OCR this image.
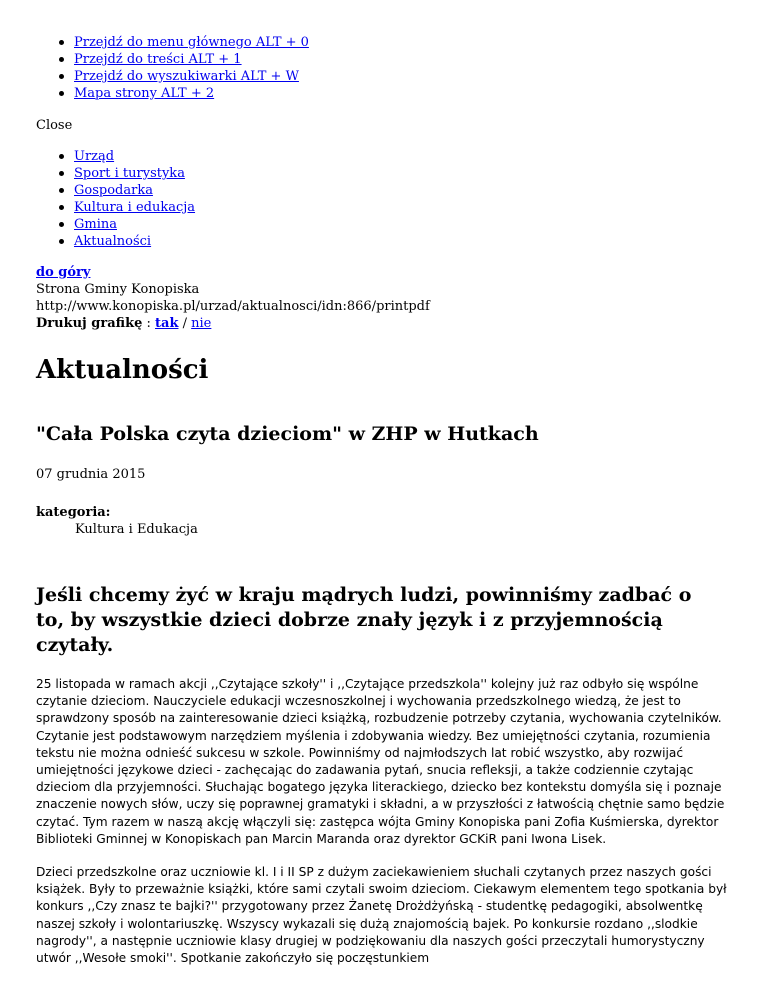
Przejdź do menu głównego ALT + 0
Przejdź do treści ALT + 1
Przejdź do wyszukiwarki ALT + W
Mapa strony ALT + 2
Close
Urząd
Sport i turystyka
Gospodarka
Kultura i edukacja
Gmina
Aktualności
do góry
Strona Gminy Konopiska
http://www.konopiska.pl/urzad/aktualnosci/idn:866/printpdf
Drukuj grafikę : tak / nie
Aktualności
"Cała Polska czyta dzieciom" w ZHP w Hutkach
07 grudnia 2015
kategoria:
Kultura i Edukacja
Jeśli chcemy żyć w kraju mądrych ludzi, powinniśmy zadbać o to, by wszystkie dzieci dobrze znały język i z przyjemnością czytały.

25 listopada w ramach akcji ,,Czytające szkoły'' i ,,Czytające przedszkola'' kolejny już raz odbyło się wspólne czytanie dzieciom. Nauczyciele edukacji wczesnoszkolnej i wychowania przedszkolnego wiedzą, że jest to sprawdzony sposób na zainteresowanie dzieci książką, rozbudzenie potrzeby czytania, wychowania czytelników. Czytanie jest podstawowym narzędziem myślenia i zdobywania wiedzy. Bez umiejętności czytania, rozumienia tekstu nie można odnieść sukcesu w szkole. Powinniśmy od najmłodszych lat robić wszystko, aby rozwijać umiejętności językowe dzieci - zachęcając do zadawania pytań, snucia refleksji, a także codziennie czytając dzieciom dla przyjemności. Słuchając bogatego języka literackiego, dziecko bez kontekstu domyśla się i poznaje znaczenie nowych słów, uczy się poprawnej gramatyki i składni, a w przyszłości z łatwością chętnie samo będzie czytać. Tym razem w naszą akcję włączyli się: zastępca wójta Gminy Konopiska pani Zofia Kuśmierska, dyrektor Biblioteki Gminnej w Konopiskach pan Marcin Maranda oraz dyrektor GCKiR pani Iwona Lisek.

Dzieci przedszkolne oraz uczniowie kl. I i II SP z dużym zaciekawieniem słuchali czytanych przez naszych gości książek. Były to przeważnie książki, które sami czytali swoim dzieciom. Ciekawym elementem tego spotkania był konkurs ,,Czy znasz te bajki?'' przygotowany przez Żanetę Drożdżyńską - studentkę pedagogiki, absolwentkę naszej szkoły i wolontariuszkę. Wszyscy wykazali się dużą znajomością bajek. Po konkursie rozdano ,,slodkie nagrody'', a następnie uczniowie klasy drugiej w podziękowaniu dla naszych gości przeczytali humorystyczny utwór ,,Wesołe smoki''. Spotkanie zakończyło się poczęstunkiem
